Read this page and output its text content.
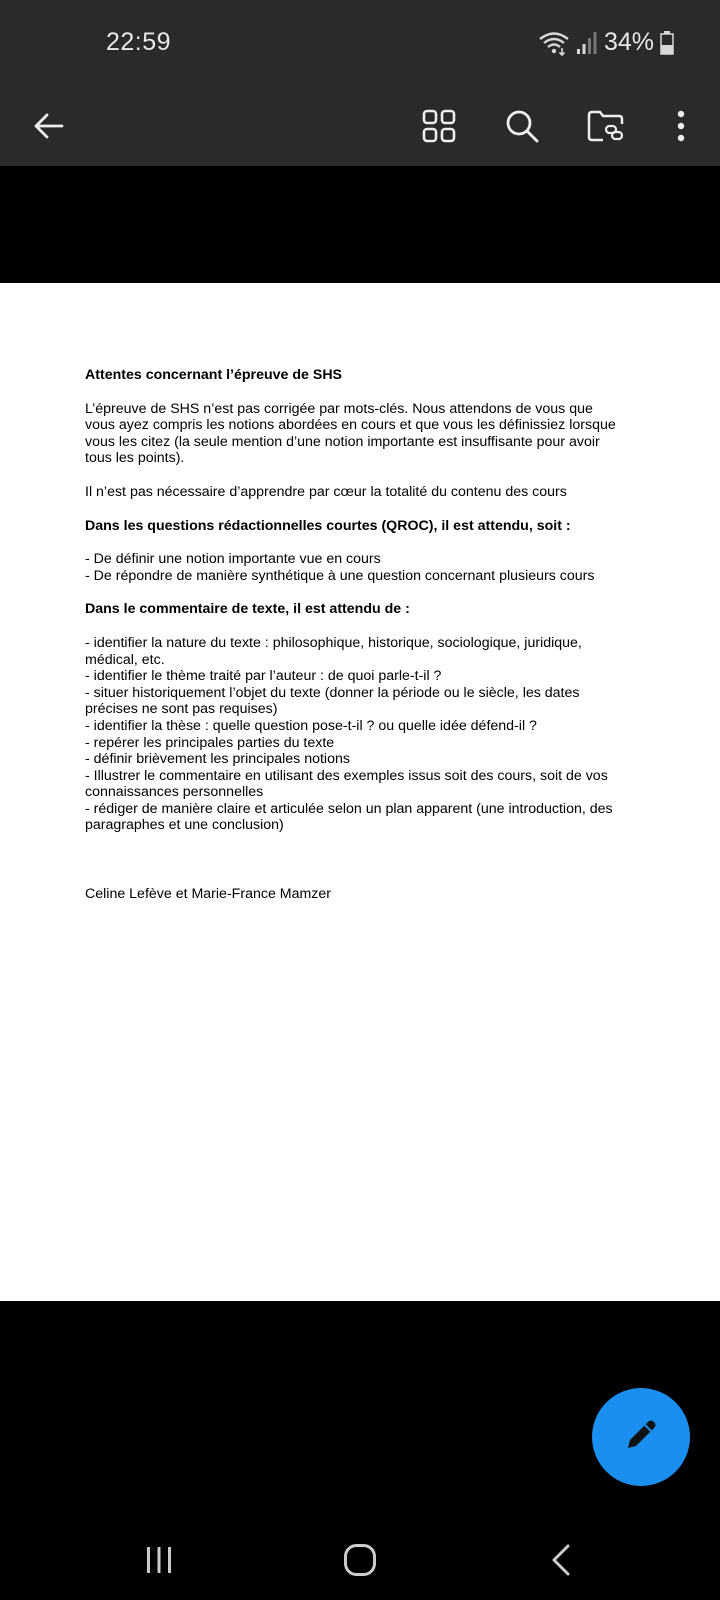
22:59	34%

Attentes concernant l’épreuve de SHS

L’épreuve de SHS n’est pas corrigée par mots-clés. Nous attendons de vous que

vous ayez compris les notions abordées en cours et que vous les définissiez lorsque

vous les citez (la seule mention d’une notion importante est insuffisante pour avoir

tous les points).

Il n’est pas nécessaire d’apprendre par cœur la totalité du contenu des cours

Dans les questions rédactionnelles courtes (QROC), il est attendu, soit :

- De définir une notion importante vue en cours

- De répondre de manière synthétique à une question concernant plusieurs cours

Dans le commentaire de texte, il est attendu de :

- identifier la nature du texte : philosophique, historique, sociologique, juridique,

médical, etc.

- identifier le thème traité par l’auteur : de quoi parle-t-il ?

- situer historiquement l’objet du texte (donner la période ou le siècle, les dates

précises ne sont pas requises)

- identifier la thèse : quelle question pose-t-il ? ou quelle idée défend-il ?

- repérer les principales parties du texte

- définir brièvement les principales notions

- Illustrer le commentaire en utilisant des exemples issus soit des cours, soit de vos

connaissances personnelles

- rédiger de manière claire et articulée selon un plan apparent (une introduction, des

paragraphes et une conclusion)

Celine Lefève et Marie-France Mamzer
